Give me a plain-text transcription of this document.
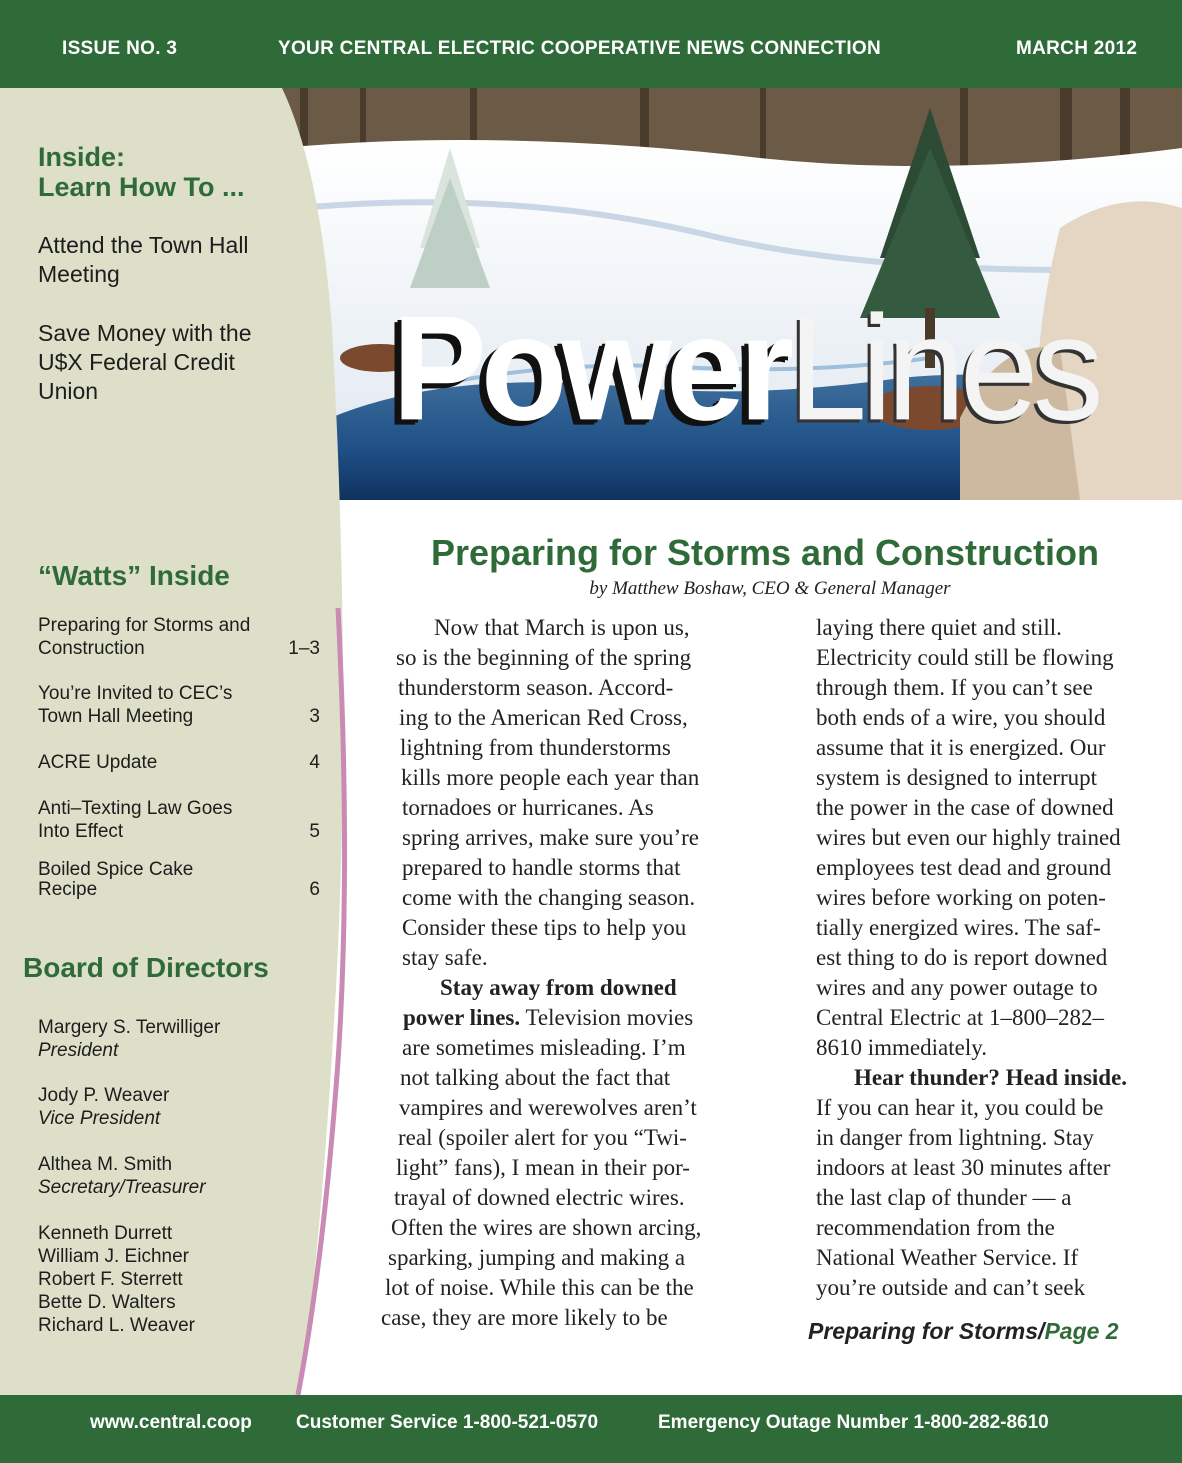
ISSUE NO. 3	YOUR CENTRAL ELECTRIC COOPERATIVE NEWS CONNECTION	MARCH 2012
PowerLines
Inside:
Learn How To ...
Attend the Town Hall
Meeting
Save Money with the
U$X Federal Credit
Union
“Watts” Inside
Preparing for Storms and
Construction	1–3
You’re Invited to CEC’s
Town Hall Meeting	3
ACRE Update	4
Anti–Texting Law Goes
Into Effect	5
Boiled Spice Cake
Recipe	6
Board of Directors
Margery S. Terwilliger
President
Jody P. Weaver
Vice President
Althea M. Smith
Secretary/Treasurer
Kenneth Durrett
William J. Eichner
Robert F. Sterrett
Bette D. Walters
Richard L. Weaver
Preparing for Storms and Construction
by Matthew Boshaw, CEO & General Manager
Now that March is upon us,
so is the beginning of the spring
thunderstorm season. Accord-
ing to the American Red Cross,
lightning from thunderstorms
kills more people each year than
tornadoes or hurricanes. As
spring arrives, make sure you’re
prepared to handle storms that
come with the changing season.
Consider these tips to help you
stay safe.
Stay away from downed
power lines. Television movies
are sometimes misleading. I’m
not talking about the fact that
vampires and werewolves aren’t
real (spoiler alert for you “Twi-
light” fans), I mean in their por-
trayal of downed electric wires.
Often the wires are shown arcing,
sparking, jumping and making a
lot of noise. While this can be the
case, they are more likely to be
laying there quiet and still.
Electricity could still be flowing
through them. If you can’t see
both ends of a wire, you should
assume that it is energized. Our
system is designed to interrupt
the power in the case of downed
wires but even our highly trained
employees test dead and ground
wires before working on poten-
tially energized wires. The saf-
est thing to do is report downed
wires and any power outage to
Central Electric at 1–800–282–
8610 immediately.
Hear thunder? Head inside.
If you can hear it, you could be
in danger from lightning. Stay
indoors at least 30 minutes after
the last clap of thunder — a
recommendation from the
National Weather Service. If
you’re outside and can’t seek
Preparing for Storms/Page 2
www.central.coop Customer Service 1-800-521-0570	Emergency Outage Number 1-800-282-8610
